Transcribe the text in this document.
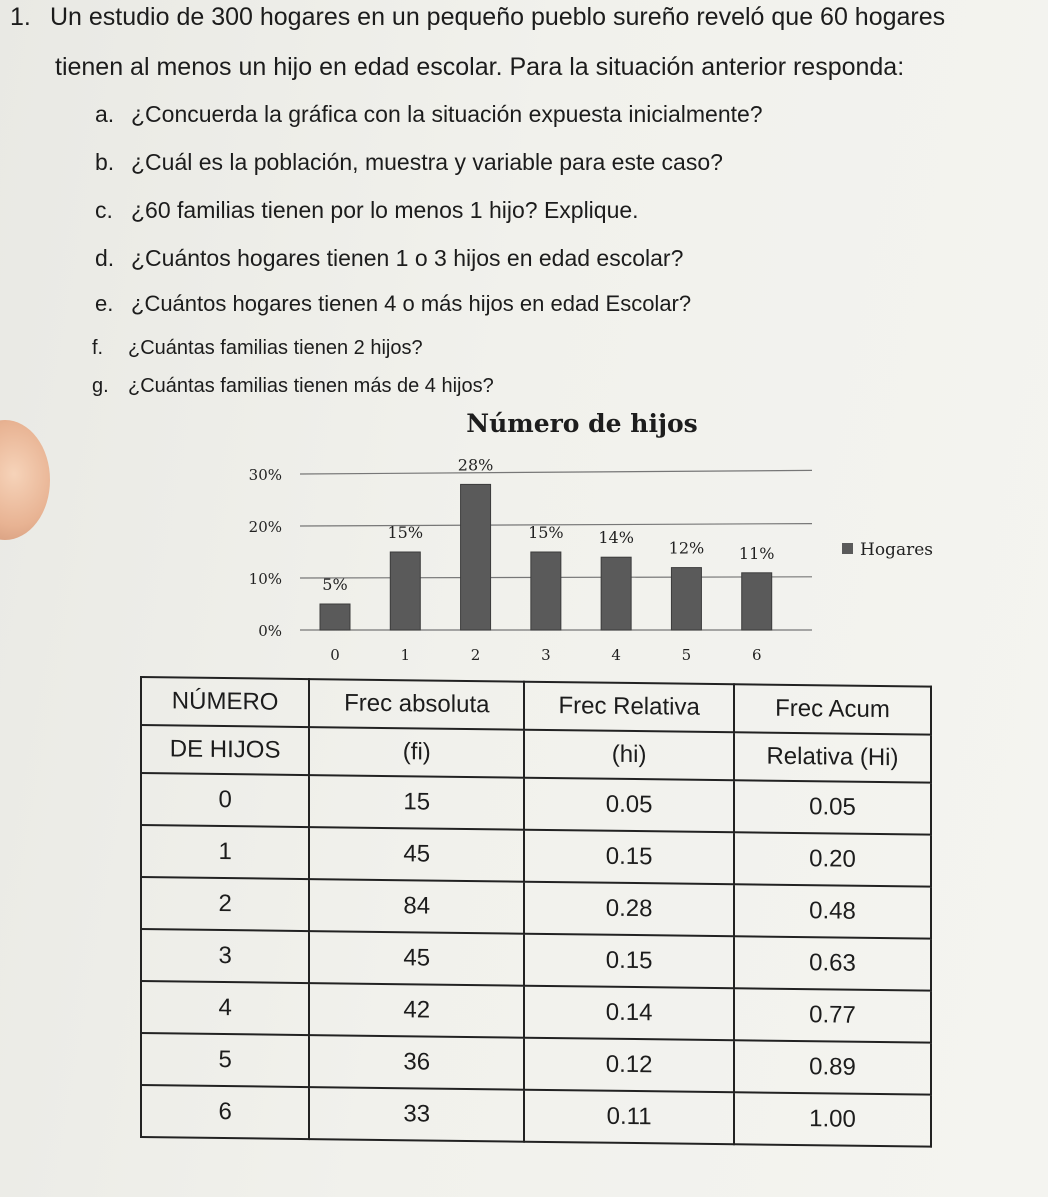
1. Un estudio de 300 hogares en un pequeño pueblo sureño reveló que 60 hogares
tienen al menos un hijo en edad escolar. Para la situación anterior responda:
a. ¿Concuerda la gráfica con la situación expuesta inicialmente?
b. ¿Cuál es la población, muestra y variable para este caso?
c. ¿60 familias tienen por lo menos 1 hijo? Explique.
d. ¿Cuántos hogares tienen 1 o 3 hijos en edad escolar?
e. ¿Cuántos hogares tienen 4 o más hijos en edad Escolar?
f. ¿Cuántas familias tienen 2 hijos?
g. ¿Cuántas familias tienen más de 4 hijos?
Número de hijos
0%
10%
20%
30%
5%
0
15%
1
28%
2
15%
3
14%
4
12%
5
11%
6
Hogares
NÚMERO	Frec absoluta	Frec Relativa	Frec Acum
DE HIJOS	(fi)	(hi)	Relativa (Hi)
0	15	0.05	0.05
1	45	0.15	0.20
2	84	0.28	0.48
3	45	0.15	0.63
4	42	0.14	0.77
5	36	0.12	0.89
6	33	0.11	1.00
